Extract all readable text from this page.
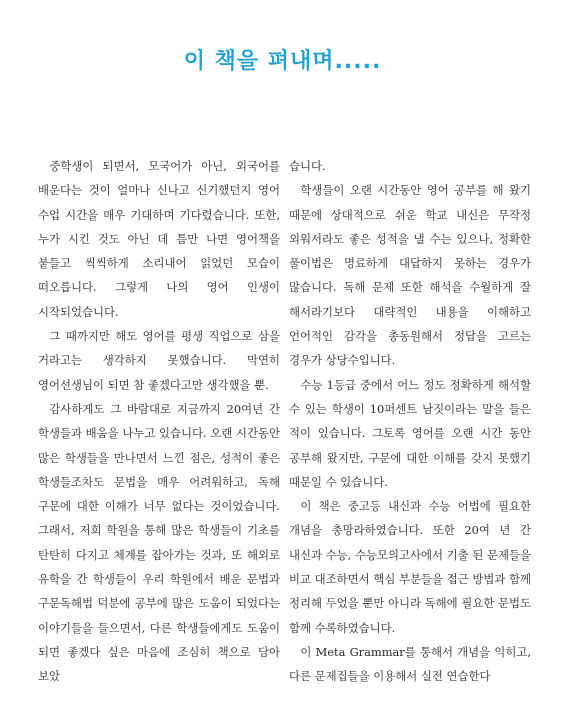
이 책을 펴내며.....

중학생이 되면서, 모국어가 아닌, 외국어를 배운다는 것이 얼마나 신나고 신기했던지 영어 수업 시간을 매우 기대하며 기다렸습니다. 또한, 누가 시킨 것도 아닌 데 틈만 나면 영어책을 붙들고 씩씩하게 소리내어 읽었던 모습이 떠오릅니다. 그렇게 나의 영어 인생이 시작되었습니다.

그 때까지만 해도 영어를 평생 직업으로 삼을 거라고는 생각하지 못했습니다. 막연히 영어선생님이 되면 참 좋겠다고만 생각했을 뿐.

감사하게도 그 바람대로 지금까지 20여년 간 학생들과 배움을 나누고 있습니다. 오랜 시간동안 많은 학생들을 만나면서 느낀 점은, 성적이 좋은 학생들조차도 문법을 매우 어려워하고, 독해 구문에 대한 이해가 너무 없다는 것이었습니다. 그래서, 저희 학원을 통해 많은 학생들이 기초를 탄탄히 다지고 체계를 잡아가는 것과, 또 해외로 유학을 간 학생들이 우리 학원에서 배운 문법과 구문독해법 덕분에 공부에 많은 도움이 되었다는 이야기들을 들으면서, 다른 학생들에게도 도움이 되면 좋겠다 싶은 마음에 조심히 책으로 담아 보았

습니다.

학생들이 오랜 시간동안 영어 공부를 해 왔기 때문에 상대적으로 쉬운 학교 내신은 무작정 외워서라도 좋은 성적을 낼 수는 있으나, 정확한 풀이법은 명료하게 대답하지 못하는 경우가 많습니다. 독해 문제 또한 해석을 수월하게 잘 해서라기보다 대략적인 내용을 이해하고 언어적인 감각을 총동원해서 정답을 고르는 경우가 상당수입니다.

수능 1등급 중에서 어느 정도 정확하게 해석할 수 있는 학생이 10퍼센트 남짓이라는 말을 들은 적이 있습니다. 그토록 영어를 오랜 시간 동안 공부해 왔지만, 구문에 대한 이해를 갖지 못했기 때문일 수 있습니다.

이 책은 중고등 내신과 수능 어법에 필요한 개념을 총망라하였습니다. 또한 20여 년 간 내신과 수능, 수능모의고사에서 기출 된 문제들을 비교 대조하면서 핵심 부분들을 접근 방법과 함께 정리해 두었을 뿐만 아니라 독해에 필요한 문법도 함께 수록하였습니다.

이 Meta Grammar를 통해서 개념을 익히고, 다른 문제집들을 이용해서 실전 연습한다
